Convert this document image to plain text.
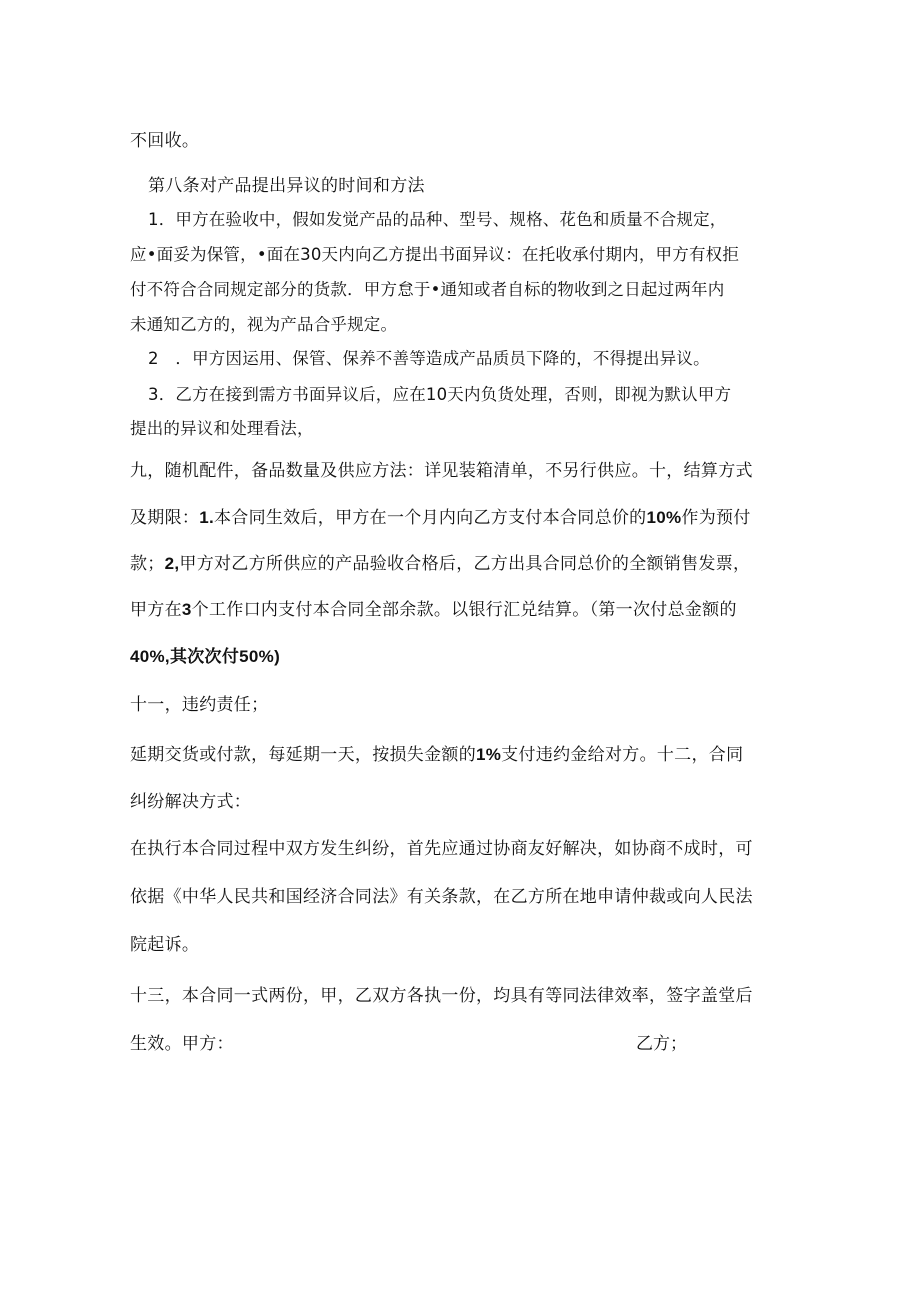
不回收。
第八条对产品提出异议的时间和方法
1．甲方在验收中，假如发觉产品的品种、型号、规格、花色和质量不合规定，
应•面妥为保管，•面在30天内向乙方提出书面异议：在托收承付期内，甲方有权拒
付不符合合同规定部分的货款．甲方怠于•通知或者自标的物收到之日起过两年内
未通知乙方的，视为产品合乎规定。
2　．甲方因运用、保管、保养不善等造成产品质员下降的，不得提出异议。
3．乙方在接到需方书面异议后，应在10天内负货处理，否则，即视为默认甲方
提出的异议和处理看法，
九，随机配件，备品数量及供应方法：详见装箱清单，不另行供应。十，结算方式
及期限：1.本合同生效后，甲方在一个月内向乙方支付本合同总价的10%作为预付
款；2,甲方对乙方所供应的产品验收合格后，乙方出具合同总价的全额销售发票，
甲方在3个工作口内支付本合同全部余款。以银行汇兑结算。（第一次付总金额的
40%,其次次付50%)
十一，违约责任；
延期交货或付款，每延期一天，按损失金额的1%支付违约金给对方。十二，合同
纠纷解决方式：
在执行本合同过程中双方发生纠纷，首先应通过协商友好解决，如协商不成时，可
依据《中华人民共和国经济合同法》有关条款，在乙方所在地申请仲裁或向人民法
院起诉。
十三，本合同一式两份，甲，乙双方各执一份，均具有等同法律效率，签字盖堂后
生效。甲方：	乙方；
